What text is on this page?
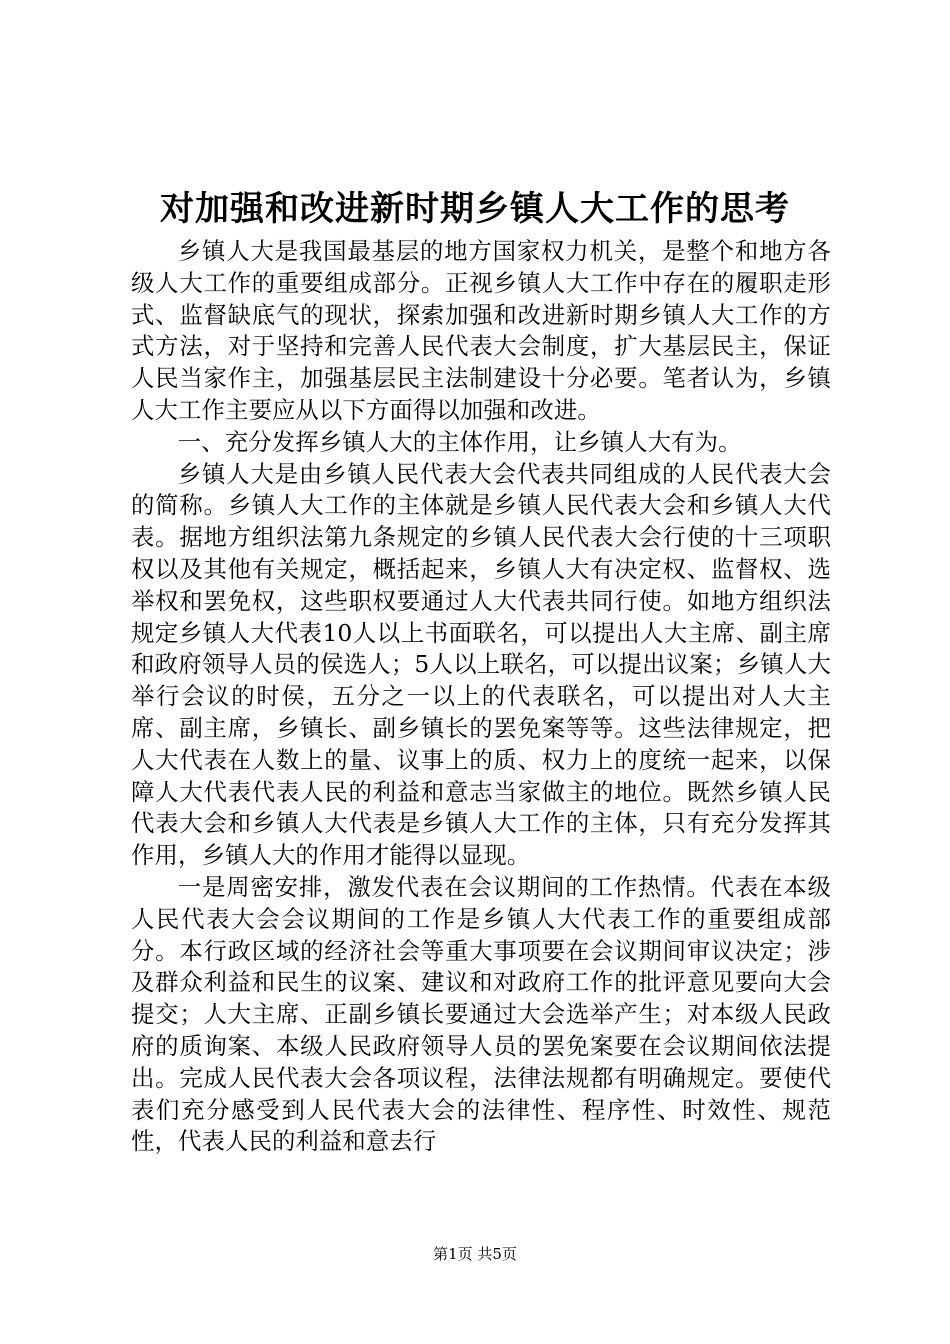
对加强和改进新时期乡镇人大工作的思考

乡镇人大是我国最基层的地方国家权力机关，是整个和地方各级人大工作的重要组成部分。正视乡镇人大工作中存在的履职走形式、监督缺底气的现状，探索加强和改进新时期乡镇人大工作的方式方法，对于坚持和完善人民代表大会制度，扩大基层民主，保证人民当家作主，加强基层民主法制建设十分必要。笔者认为，乡镇人大工作主要应从以下方面得以加强和改进。

一、充分发挥乡镇人大的主体作用，让乡镇人大有为。

乡镇人大是由乡镇人民代表大会代表共同组成的人民代表大会的简称。乡镇人大工作的主体就是乡镇人民代表大会和乡镇人大代表。据地方组织法第九条规定的乡镇人民代表大会行使的十三项职权以及其他有关规定，概括起来，乡镇人大有决定权、监督权、选举权和罢免权，这些职权要通过人大代表共同行使。如地方组织法规定乡镇人大代表10人以上书面联名，可以提出人大主席、副主席和政府领导人员的侯选人；5人以上联名，可以提出议案；乡镇人大举行会议的时侯，五分之一以上的代表联名，可以提出对人大主席、副主席，乡镇长、副乡镇长的罢免案等等。这些法律规定，把人大代表在人数上的量、议事上的质、权力上的度统一起来，以保障人大代表代表人民的利益和意志当家做主的地位。既然乡镇人民代表大会和乡镇人大代表是乡镇人大工作的主体，只有充分发挥其作用，乡镇人大的作用才能得以显现。

一是周密安排，激发代表在会议期间的工作热情。代表在本级人民代表大会会议期间的工作是乡镇人大代表工作的重要组成部分。本行政区域的经济社会等重大事项要在会议期间审议决定；涉及群众利益和民生的议案、建议和对政府工作的批评意见要向大会提交；人大主席、正副乡镇长要通过大会选举产生；对本级人民政府的质询案、本级人民政府领导人员的罢免案要在会议期间依法提出。完成人民代表大会各项议程，法律法规都有明确规定。要使代表们充分感受到人民代表大会的法律性、程序性、时效性、规范性，代表人民的利益和意去行

第1页 共5页
